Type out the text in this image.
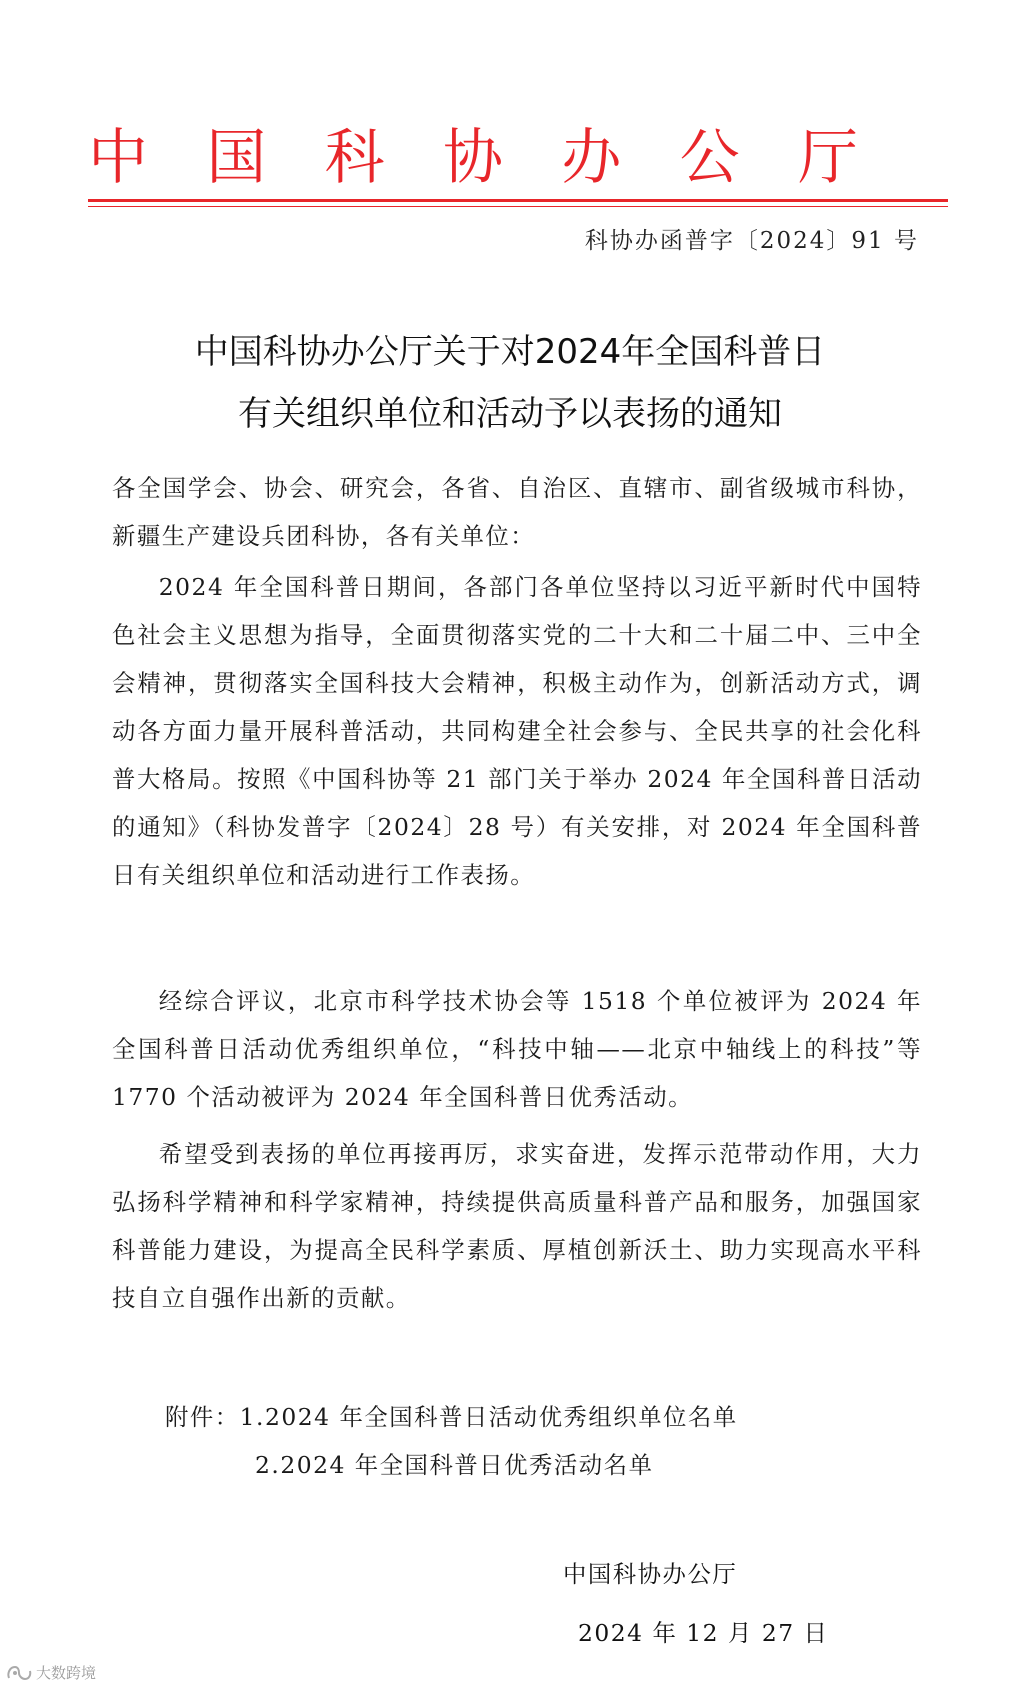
中 国 科 协 办 公 厅
科协办函普字〔2024〕91 号
中国科协办公厅关于对2024年全国科普日
有关组织单位和活动予以表扬的通知
各全国学会、协会、研究会，各省、自治区、直辖市、副省级城市科协，新疆生产建设兵团科协，各有关单位：
2024 年全国科普日期间，各部门各单位坚持以习近平新时代中国特色社会主义思想为指导，全面贯彻落实党的二十大和二十届二中、三中全会精神，贯彻落实全国科技大会精神，积极主动作为，创新活动方式，调动各方面力量开展科普活动，共同构建全社会参与、全民共享的社会化科普大格局。按照《中国科协等 21 部门关于举办 2024 年全国科普日活动的通知》（科协发普字〔2024〕28 号）有关安排，对 2024 年全国科普日有关组织单位和活动进行工作表扬。
经综合评议，北京市科学技术协会等 1518 个单位被评为 2024 年全国科普日活动优秀组织单位，“科技中轴——北京中轴线上的科技”等 1770 个活动被评为 2024 年全国科普日优秀活动。
希望受到表扬的单位再接再厉，求实奋进，发挥示范带动作用，大力弘扬科学精神和科学家精神，持续提供高质量科普产品和服务，加强国家科普能力建设，为提高全民科学素质、厚植创新沃土、助力实现高水平科技自立自强作出新的贡献。
附件：1.2024 年全国科普日活动优秀组织单位名单
2.2024 年全国科普日优秀活动名单
中国科协办公厅
2024 年 12 月 27 日
大数跨境
